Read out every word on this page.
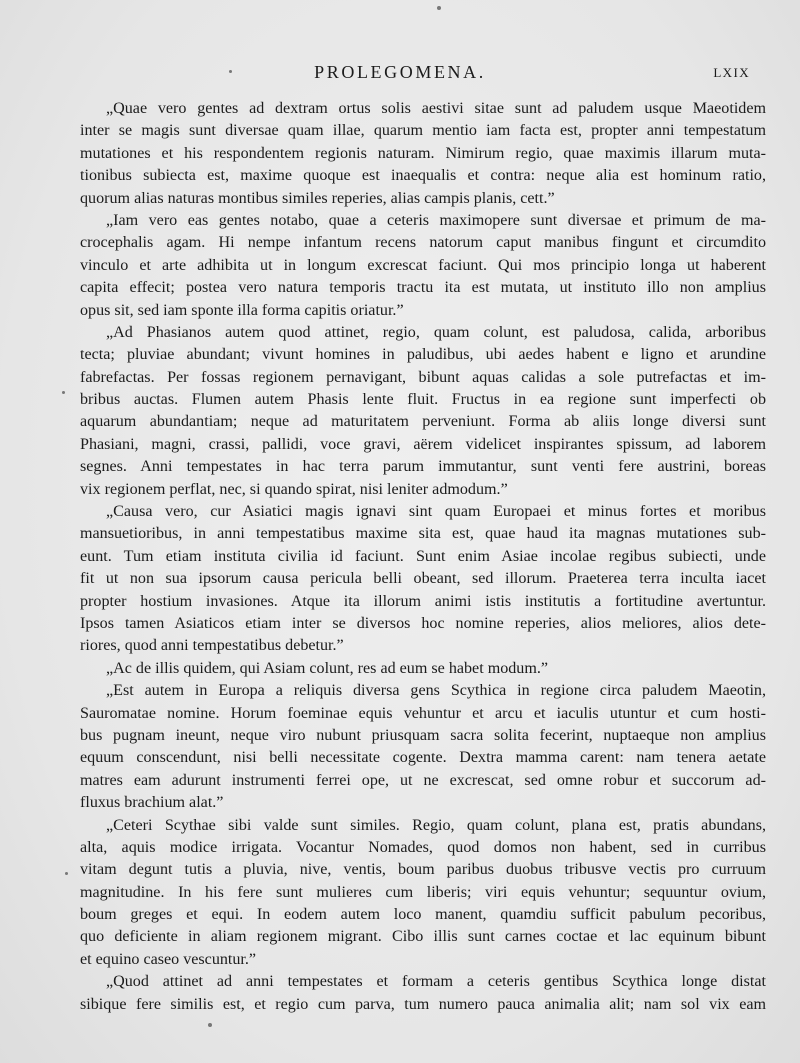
PROLEGOMENA.	LXIX
„Quae vero gentes ad dextram ortus solis aestivi sitae sunt ad paludem usque Maeotidem
inter se magis sunt diversae quam illae, quarum mentio iam facta est, propter anni tempestatum
mutationes et his respondentem regionis naturam. Nimirum regio, quae maximis illarum muta-
tionibus subiecta est, maxime quoque est inaequalis et contra: neque alia est hominum ratio,
quorum alias naturas montibus similes reperies, alias campis planis, cett.”
„Iam vero eas gentes notabo, quae a ceteris maximopere sunt diversae et primum de ma-
crocephalis agam. Hi nempe infantum recens natorum caput manibus fingunt et circumdito
vinculo et arte adhibita ut in longum excrescat faciunt. Qui mos principio longa ut haberent
capita effecit; postea vero natura temporis tractu ita est mutata, ut instituto illo non amplius
opus sit, sed iam sponte illa forma capitis oriatur.”
„Ad Phasianos autem quod attinet, regio, quam colunt, est paludosa, calida, arboribus
tecta; pluviae abundant; vivunt homines in paludibus, ubi aedes habent e ligno et arundine
fabrefactas. Per fossas regionem pernavigant, bibunt aquas calidas a sole putrefactas et im-
bribus auctas. Flumen autem Phasis lente fluit. Fructus in ea regione sunt imperfecti ob
aquarum abundantiam; neque ad maturitatem perveniunt. Forma ab aliis longe diversi sunt
Phasiani, magni, crassi, pallidi, voce gravi, aërem videlicet inspirantes spissum, ad laborem
segnes. Anni tempestates in hac terra parum immutantur, sunt venti fere austrini, boreas
vix regionem perflat, nec, si quando spirat, nisi leniter admodum.”
„Causa vero, cur Asiatici magis ignavi sint quam Europaei et minus fortes et moribus
mansuetioribus, in anni tempestatibus maxime sita est, quae haud ita magnas mutationes sub-
eunt. Tum etiam instituta civilia id faciunt. Sunt enim Asiae incolae regibus subiecti, unde
fit ut non sua ipsorum causa pericula belli obeant, sed illorum. Praeterea terra inculta iacet
propter hostium invasiones. Atque ita illorum animi istis institutis a fortitudine avertuntur.
Ipsos tamen Asiaticos etiam inter se diversos hoc nomine reperies, alios meliores, alios dete-
riores, quod anni tempestatibus debetur.”
„Ac de illis quidem, qui Asiam colunt, res ad eum se habet modum.”
„Est autem in Europa a reliquis diversa gens Scythica in regione circa paludem Maeotin,
Sauromatae nomine. Horum foeminae equis vehuntur et arcu et iaculis utuntur et cum hosti-
bus pugnam ineunt, neque viro nubunt priusquam sacra solita fecerint, nuptaeque non amplius
equum conscendunt, nisi belli necessitate cogente. Dextra mamma carent: nam tenera aetate
matres eam adurunt instrumenti ferrei ope, ut ne excrescat, sed omne robur et succorum ad-
fluxus brachium alat.”
„Ceteri Scythae sibi valde sunt similes. Regio, quam colunt, plana est, pratis abundans,
alta, aquis modice irrigata. Vocantur Nomades, quod domos non habent, sed in curribus
vitam degunt tutis a pluvia, nive, ventis, boum paribus duobus tribusve vectis pro curruum
magnitudine. In his fere sunt mulieres cum liberis; viri equis vehuntur; sequuntur ovium,
boum greges et equi. In eodem autem loco manent, quamdiu sufficit pabulum pecoribus,
quo deficiente in aliam regionem migrant. Cibo illis sunt carnes coctae et lac equinum bibunt
et equino caseo vescuntur.”
„Quod attinet ad anni tempestates et formam a ceteris gentibus Scythica longe distat
sibique fere similis est, et regio cum parva, tum numero pauca animalia alit; nam sol vix eam
